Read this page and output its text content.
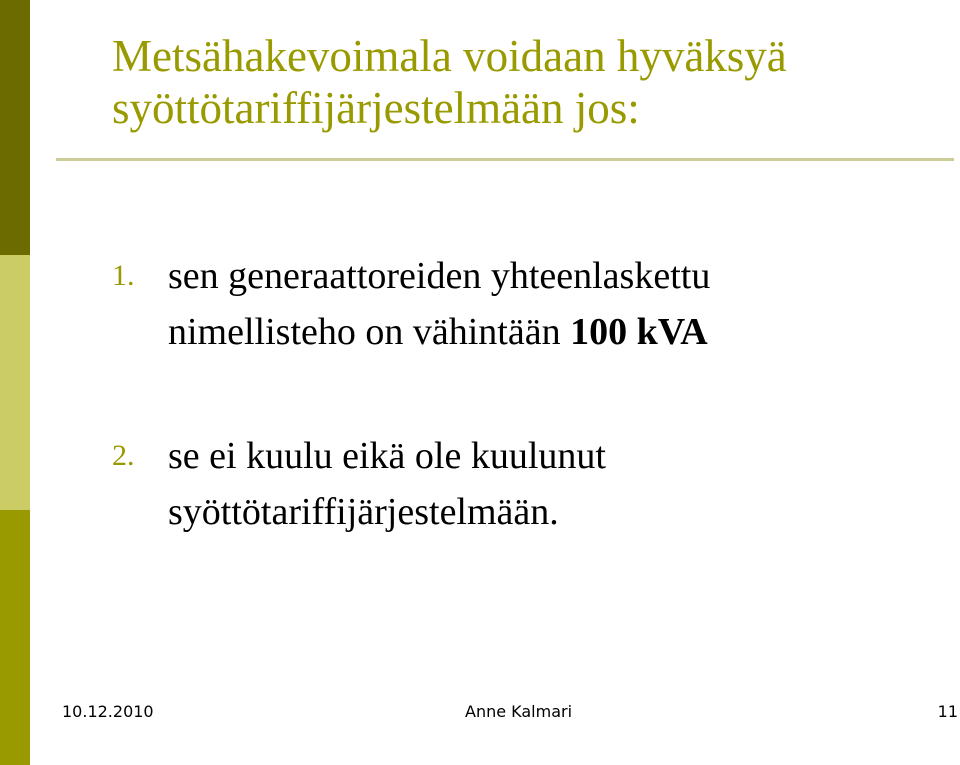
Metsähakevoimala voidaan hyväksyä
syöttötariffijärjestelmään jos:
1. sen generaattoreiden yhteenlaskettu
nimellisteho on vähintään 100 kVA
2. se ei kuulu eikä ole kuulunut
syöttötariffijärjestelmään.
10.12.2010	Anne Kalmari	11
